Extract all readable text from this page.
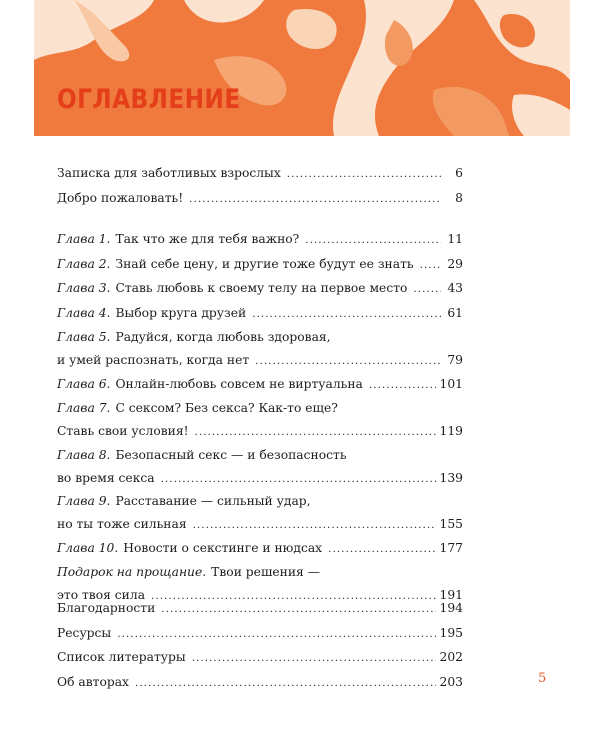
ОГЛАВЛЕНИЕ
Записка для заботливых взрослых .....	6
Добро пожаловать! .....	8
Глава 1. Так что же для тебя важно? .....	11
Глава 2. Знай себе цену, и другие тоже будут ее знать .....	29
Глава 3. Ставь любовь к своему телу на первое место .....	43
Глава 4. Выбор круга друзей .....	61
Глава 5. Радуйся, когда любовь здоровая,
и умей распознать, когда нет .....	79
Глава 6. Онлайн-любовь совсем не виртуальна .....	101
Глава 7. С сексом? Без секса? Как-то еще?
Ставь свои условия! .....	119
Глава 8. Безопасный секс — и безопасность
во время секса .....	139
Глава 9. Расставание — сильный удар,
но ты тоже сильная .....	155
Глава 10. Новости о секстинге и нюдсах .....	177
Подарок на прощание. Твои решения —
это твоя сила .....	191
Благодарности .....	194
Ресурсы .....	195
Список литературы .....	202
Об авторах .....	203	5
